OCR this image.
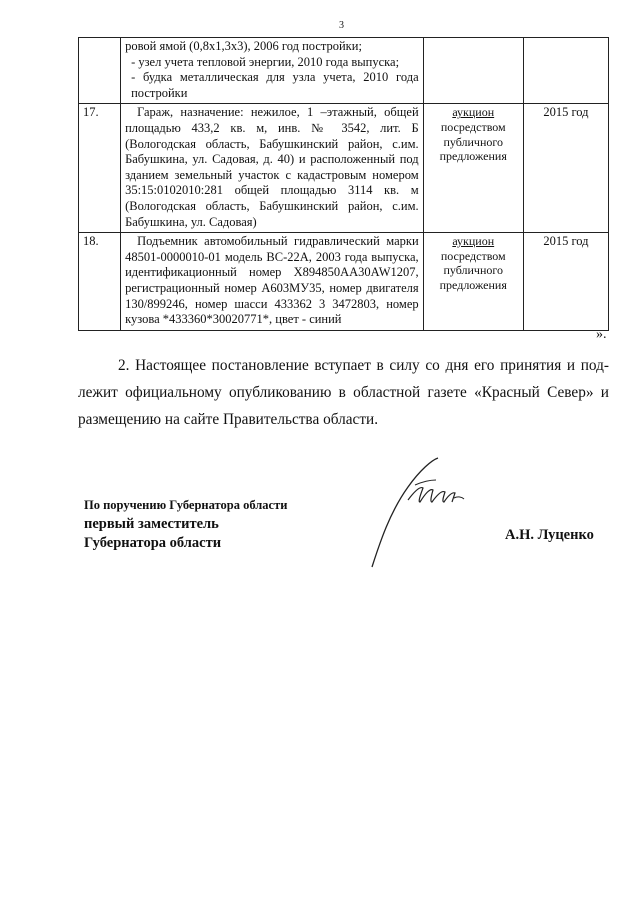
3

	ровой ямой (0,8х1,3х3), 2006 год постройки;
- узел учета тепловой энергии, 2010 года выпуска;
- будка металлическая для узла учета, 2010 года постройки		

17.	Гараж, назначение: нежилое, 1 –этажный, общей площадью 433,2 кв. м, инв. № 3542, лит. Б (Вологодская область, Бабушкинский район, с.им. Бабушкина, ул. Садовая, д. 40) и расположенный под зданием земельный участок с кадастровым номером 35:15:0102010:281 общей площадью 3114 кв. м (Вологодская область, Бабушкинский район, с.им. Бабушкина, ул. Садовая)	аукцион
посредством публичного предложения	2015 год
18.	Подъемник автомобильный гидравлический марки 48501-0000010-01 модель ВС-22А, 2003 года выпуска, идентификационный номер X894850AA30AW1207, регистрационный номер А603МУ35, номер двигателя 130/899246, номер шасси 433362 3 3472803, номер кузова *433360*30020771*, цвет - синий	аукцион
посредством публичного предложения	2015 год
».
2. Настоящее постановление вступает в силу со дня его принятия и под-
лежит официальному опубликованию в областной газете «Красный Север» и размещению на сайте Правительства области.
По поручению Губернатора области
первый заместитель
Губернатора области	А.Н. Луценко
